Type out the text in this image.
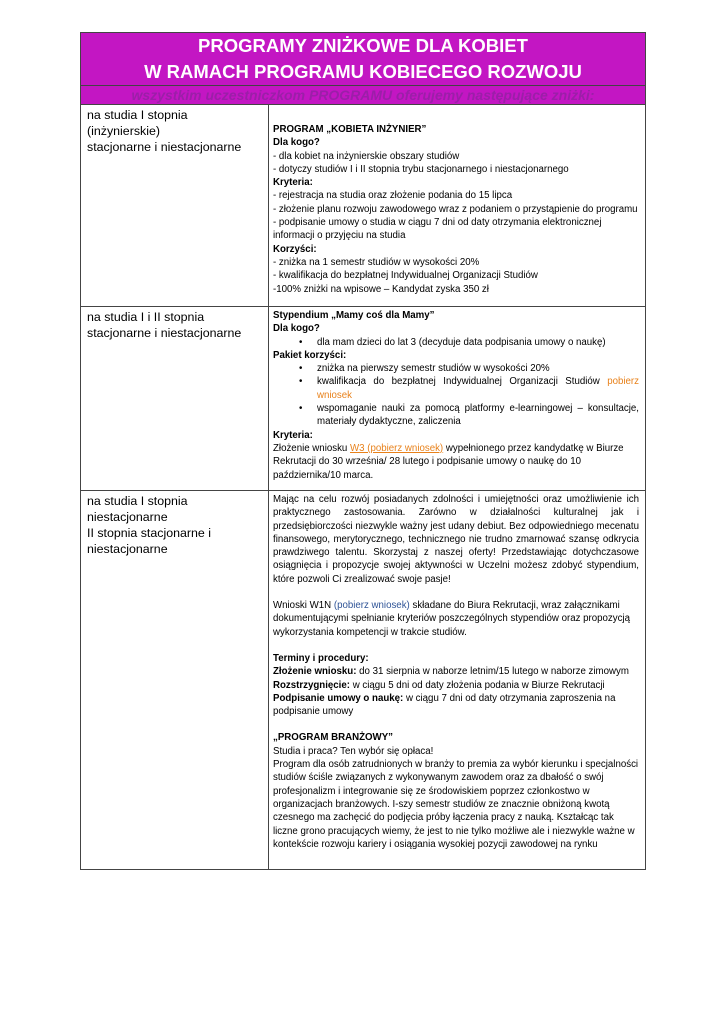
PROGRAMY ZNIŻKOWE DLA KOBIET
W RAMACH PROGRAMU KOBIECEGO ROZWOJU
wszystkim uczestniczkom PROGRAMU oferujemy następujące zniżki:
na studia I stopnia
(inżynierskie)
stacjonarne i niestacjonarne

PROGRAM „KOBIETA INŻYNIER”

Dla kogo?

- dla kobiet na inżynierskie obszary studiów

- dotyczy studiów I i II stopnia trybu stacjonarnego i niestacjonarnego

Kryteria:

- rejestracja na studia oraz złożenie podania do 15 lipca

- złożenie planu rozwoju zawodowego wraz z podaniem o przystąpienie do programu

- podpisanie umowy o studia w ciągu 7 dni od daty otrzymania elektronicznej informacji o przyjęciu na studia

Korzyści:

- zniżka na 1 semestr studiów w wysokości 20%

- kwalifikacja do bezpłatnej Indywidualnej Organizacji Studiów

-100% zniżki na wpisowe – Kandydat zyska 350 zł

na studia I i II stopnia
stacjonarne i niestacjonarne

Stypendium „Mamy coś dla Mamy”

Dla kogo?

• dla mam dzieci do lat 3 (decyduje data podpisania umowy o naukę)

Pakiet korzyści:

• zniżka na pierwszy semestr studiów w wysokości 20%
• kwalifikacja do bezpłatnej Indywidualnej Organizacji Studiów pobierz wniosek
• wspomaganie nauki za pomocą platformy e-learningowej – konsultacje, materiały dydaktyczne, zaliczenia

Kryteria:

Złożenie wniosku W3 (pobierz wniosek) wypełnionego przez kandydatkę w Biurze Rekrutacji do 30 września/ 28 lutego i podpisanie umowy o naukę do 10 października/10 marca.

na studia I stopnia
niestacjonarne
II stopnia stacjonarne i
niestacjonarne

Mając na celu rozwój posiadanych zdolności i umiejętności oraz umożliwienie ich praktycznego zastosowania. Zarówno w działalności kulturalnej jak i przedsiębiorczości niezwykle ważny jest udany debiut. Bez odpowiedniego mecenatu finansowego, merytorycznego, technicznego nie trudno zmarnować szansę odkrycia prawdziwego talentu. Skorzystaj z naszej oferty! Przedstawiając dotychczasowe osiągnięcia i propozycje swojej aktywności w Uczelni możesz zdobyć stypendium, które pozwoli Ci zrealizować swoje pasje!

Wnioski W1N (pobierz wniosek) składane do Biura Rekrutacji, wraz załącznikami dokumentującymi spełnianie kryteriów poszczególnych stypendiów oraz propozycją wykorzystania kompetencji w trakcie studiów.

Terminy i procedury:

Złożenie wniosku: do 31 sierpnia w naborze letnim/15 lutego w naborze zimowym

Rozstrzygnięcie: w ciągu 5 dni od daty złożenia podania w Biurze Rekrutacji

Podpisanie umowy o naukę: w ciągu 7 dni od daty otrzymania zaproszenia na podpisanie umowy

„PROGRAM BRANŻOWY”

Studia i praca? Ten wybór się opłaca!

Program dla osób zatrudnionych w branży to premia za wybór kierunku i specjalności studiów ściśle związanych z wykonywanym zawodem oraz za dbałość o swój profesjonalizm i integrowanie się ze środowiskiem poprzez członkostwo w organizacjach branżowych. I-szy semestr studiów ze znacznie obniżoną kwotą czesnego ma zachęcić do podjęcia próby łączenia pracy z nauką. Kształcąc tak liczne grono pracujących wiemy, że jest to nie tylko możliwe ale i niezwykle ważne w kontekście rozwoju kariery i osiągania wysokiej pozycji zawodowej na rynku
